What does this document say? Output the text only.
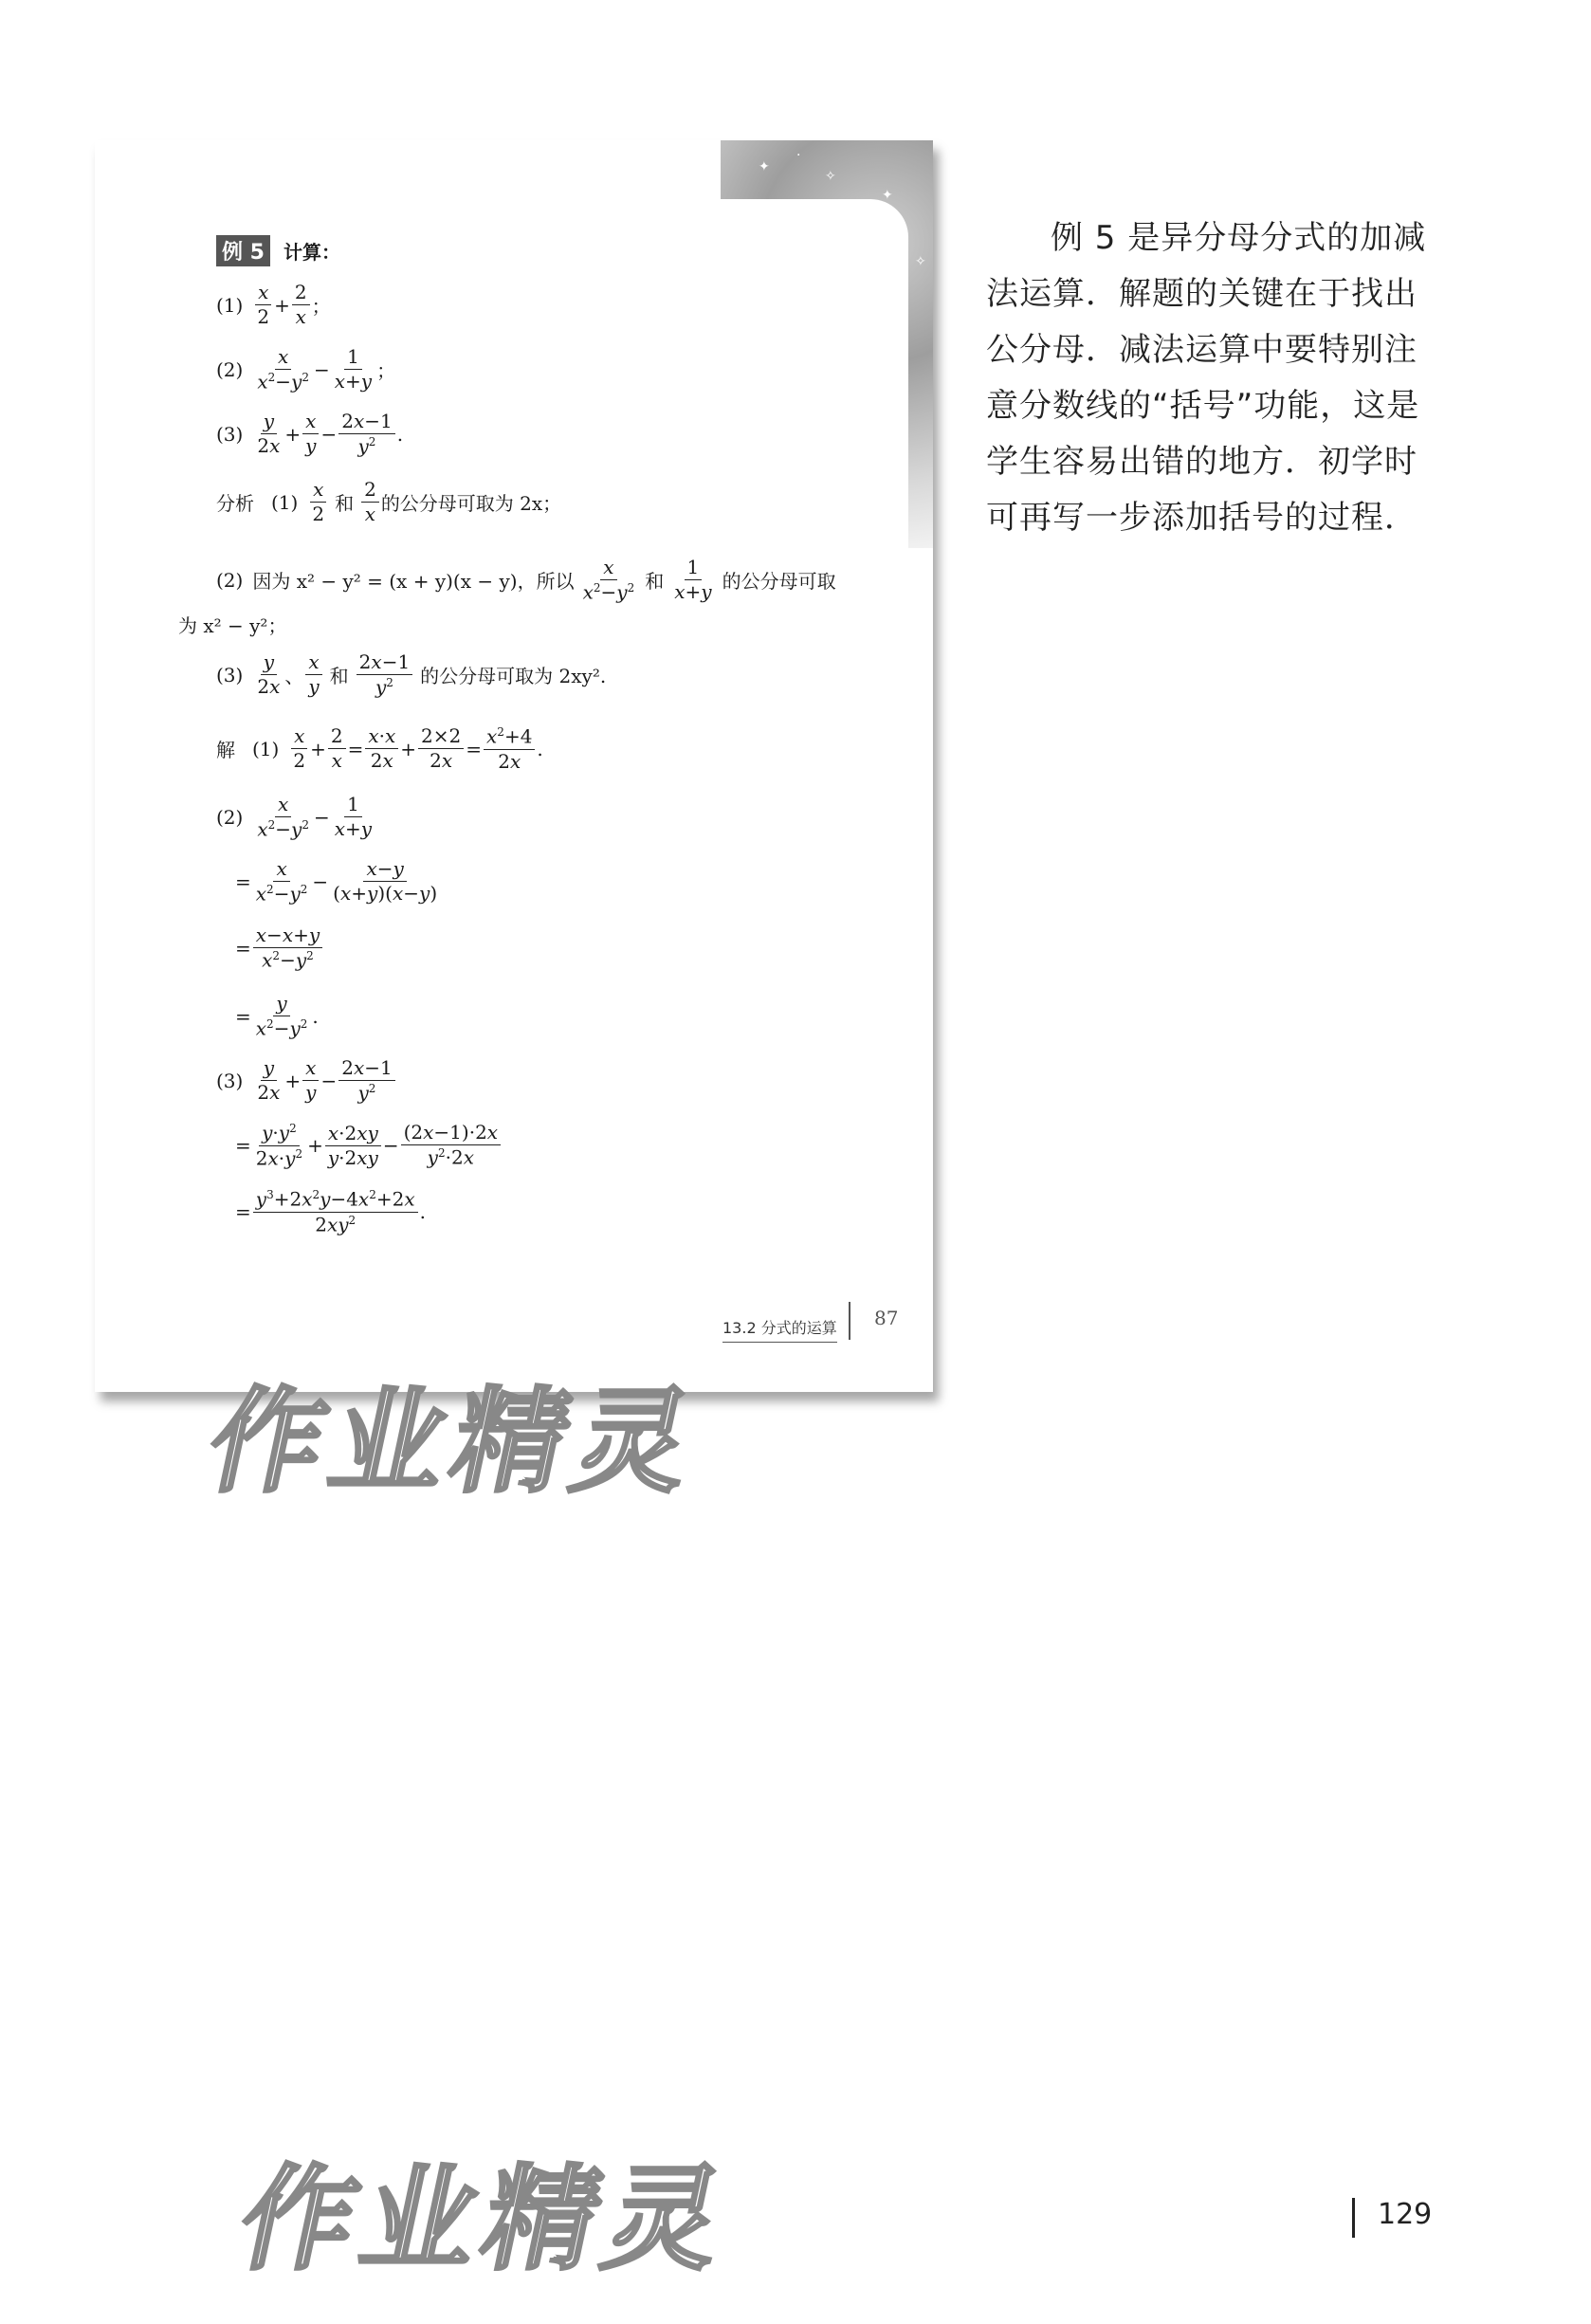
✦
✧
✦
✧
·
例 5	计算：
$(1) \frac{x}{2} + \frac{2}{x}$ ；
$(2) \frac{x}{x^2-y^2} - \frac{1}{x+y}$ ；
$(3) \frac{y}{2x} + \frac{x}{y} - \frac{2x-1}{y^2}$ .
分析 $(1) \frac{x}{2}$ 和 $\frac{2}{x}$ 的公分母可取为 2x；
(2) 因为 x² − y² = (x + y)(x − y)，所以 $\frac{x}{x^2-y^2}$ 和 $\frac{1}{x+y}$ 的公分母可取
为 x² − y²；
$(3) \frac{y}{2x}$ 、 $\frac{x}{y}$ 和 $\frac{2x-1}{y^2}$ 的公分母可取为 2xy².
解 $(1) \frac{x}{2} + \frac{2}{x} = \frac{x\cdot x}{2x} + \frac{2\times 2}{2x} = \frac{x^2+4}{2x}$ .
$(2) \frac{x}{x^2-y^2} - \frac{1}{x+y}$
= $\frac{x}{x^2-y^2} - \frac{x-y}{(x+y)(x-y)}$
= $\frac{x-x+y}{x^2-y^2}$
= $\frac{y}{x^2-y^2}$ .
$(3) \frac{y}{2x} + \frac{x}{y} - \frac{2x-1}{y^2}$
= $\frac{y\cdot y^2}{2x\cdot y^2} + \frac{x\cdot 2xy}{y\cdot 2xy} - \frac{(2x-1)\cdot 2x}{y^2\cdot 2x}$
= $\frac{y^3+2x^2y-4x^2+2x}{2xy^2}$ .
13.2 分式的运算 87
作业精灵
例 5 是异分母分式的加减
法运算．解题的关键在于找出
公分母．减法运算中要特别注
意分数线的“括号”功能，这是
学生容易出错的地方．初学时
可再写一步添加括号的过程．
作业精灵	129
